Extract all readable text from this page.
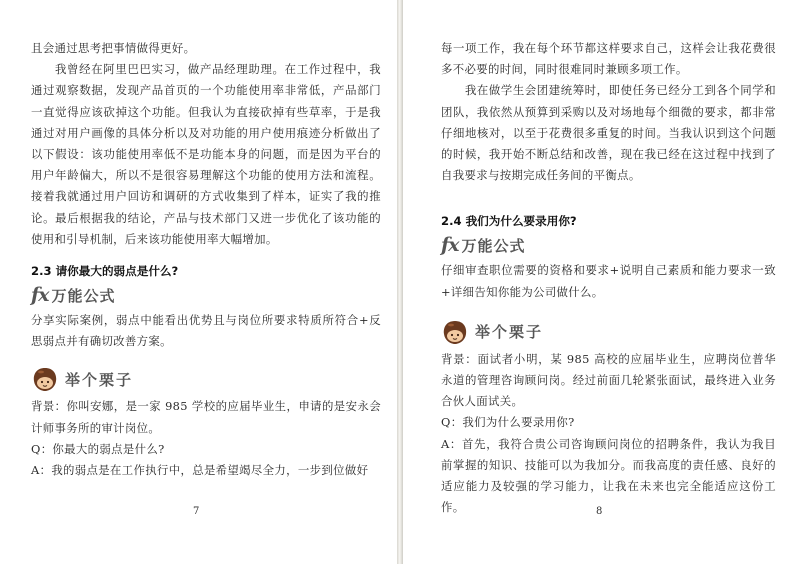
且会通过思考把事情做得更好。

我曾经在阿里巴巴实习，做产品经理助理。在工作过程中，我通过观察数据，发现产品首页的一个功能使用率非常低，产品部门一直觉得应该砍掉这个功能。但我认为直接砍掉有些草率，于是我通过对用户画像的具体分析以及对功能的用户使用痕迹分析做出了以下假设：该功能使用率低不是功能本身的问题，而是因为平台的用户年龄偏大，所以不是很容易理解这个功能的使用方法和流程。接着我就通过用户回访和调研的方式收集到了样本，证实了我的推论。最后根据我的结论，产品与技术部门又进一步优化了该功能的使用和引导机制，后来该功能使用率大幅增加。

2.3 请你最大的弱点是什么?
fx 万能公式

分享实际案例，弱点中能看出优势且与岗位所要求特质所符合+反思弱点并有确切改善方案。

举个栗子

背景：你叫安娜，是一家 985 学校的应届毕业生，申请的是安永会计师事务所的审计岗位。

Q：你最大的弱点是什么?

A：我的弱点是在工作执行中，总是希望竭尽全力，一步到位做好

7

每一项工作，我在每个环节都这样要求自己，这样会让我花费很多不必要的时间，同时很难同时兼顾多项工作。

我在做学生会团建统筹时，即使任务已经分工到各个同学和团队，我依然从预算到采购以及对场地每个细微的要求，都非常仔细地核对，以至于花费很多重复的时间。当我认识到这个问题的时候，我开始不断总结和改善，现在我已经在这过程中找到了自我要求与按期完成任务间的平衡点。

2.4 我们为什么要录用你?
fx 万能公式

仔细审查职位需要的资格和要求+说明自己素质和能力要求一致+详细告知你能为公司做什么。

举个栗子

背景：面试者小明，某 985 高校的应届毕业生，应聘岗位普华永道的管理咨询顾问岗。经过前面几轮紧张面试，最终进入业务合伙人面试关。

Q：我们为什么要录用你?

A：首先，我符合贵公司咨询顾问岗位的招聘条件，我认为我目前掌握的知识、技能可以为我加分。而我高度的责任感、良好的适应能力及较强的学习能力，让我在未来也完全能适应这份工作。	8
